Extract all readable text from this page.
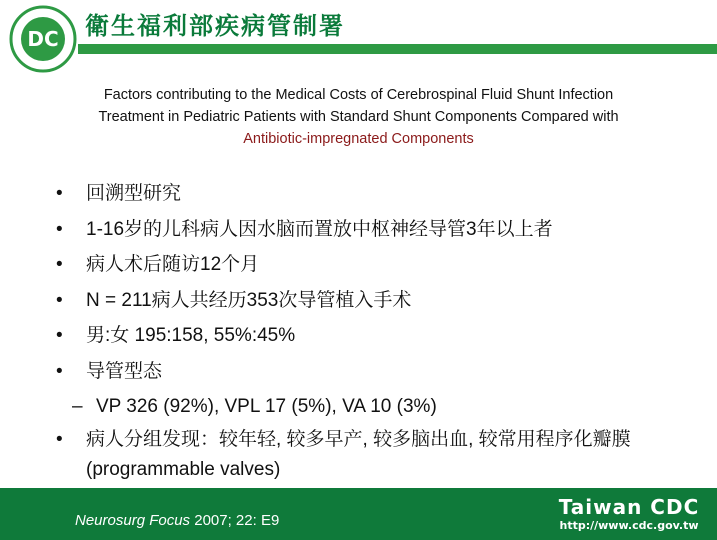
DC 衛生福利部疾病管制署
Factors contributing to the Medical Costs of Cerebrospinal Fluid Shunt Infection
Treatment in Pediatric Patients with Standard Shunt Components Compared with
Antibiotic-impregnated Components
• 回溯型研究
• 1-16岁的儿科病人因水脑而置放中枢神经导管3年以上者
• 病人术后随访12个月
• N = 211病人共经历353次导管植入手术
• 男:女 195:158, 55%:45%
• 导管型态
– VP 326 (92%), VPL 17 (5%), VA 10 (3%)
• 病人分组发现：较年轻, 较多早产, 较多脑出血, 较常用程序化瓣膜(programmable valves)
Neurosurg Focus 2007; 22: E9
Taiwan CDC
http://www.cdc.gov.tw
